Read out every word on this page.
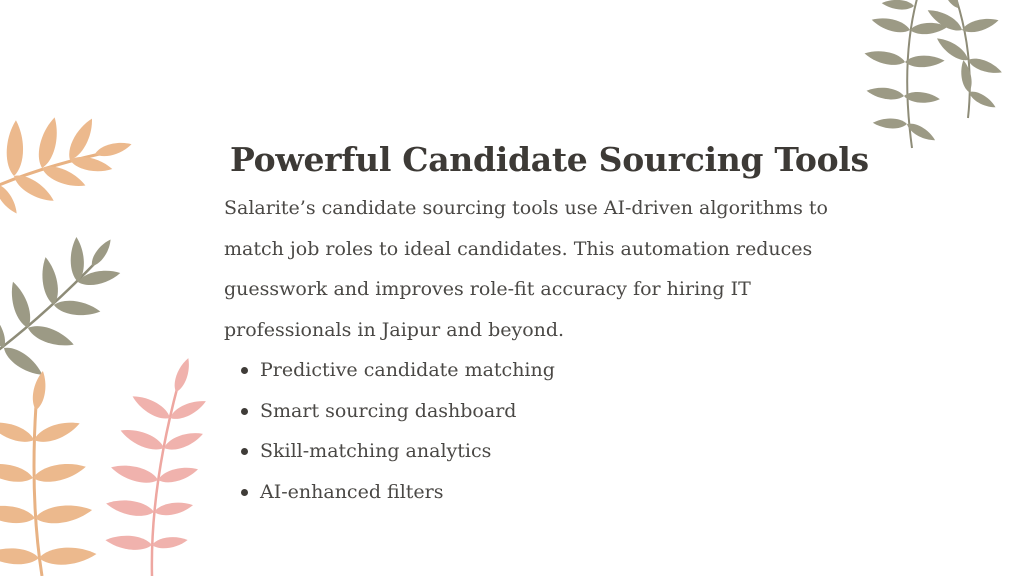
Powerful Candidate Sourcing Tools

Salarite’s candidate sourcing tools use AI-driven algorithms to match job roles to ideal candidates. This automation reduces guesswork and improves role-fit accuracy for hiring IT professionals in Jaipur and beyond.

Predictive candidate matching
Smart sourcing dashboard
Skill-matching analytics
AI-enhanced filters
